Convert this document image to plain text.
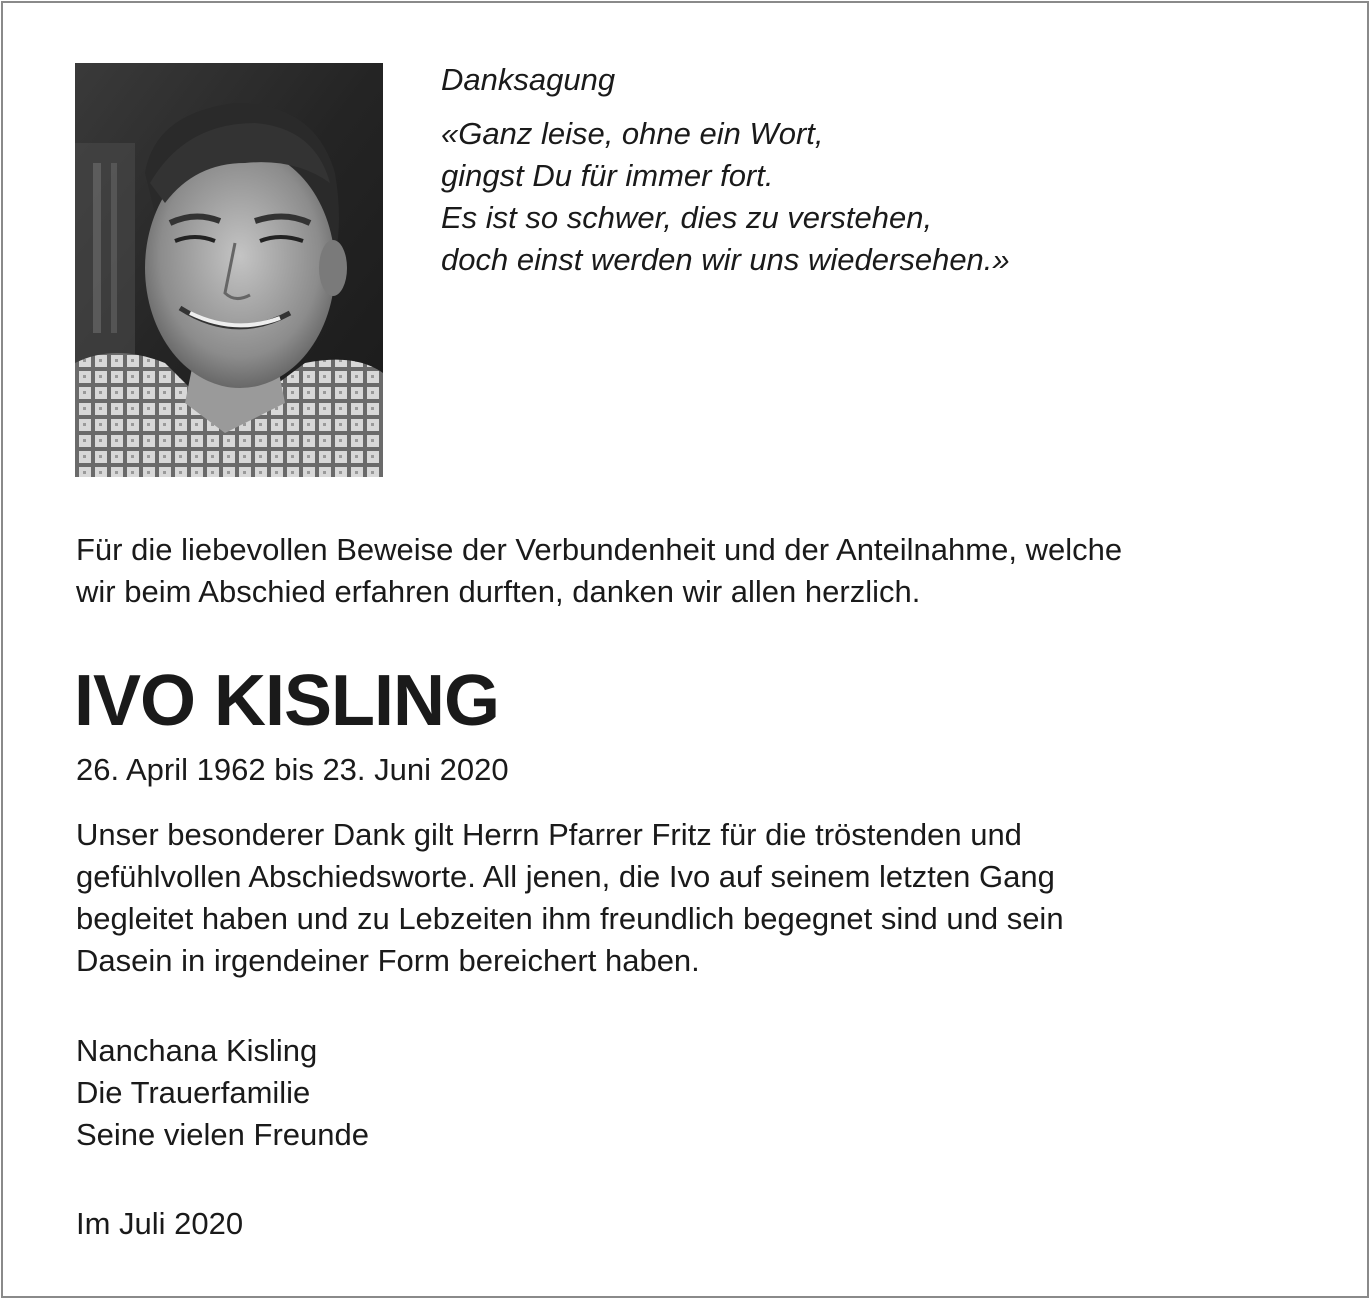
Danksagung
«Ganz leise, ohne ein Wort,
gingst Du für immer fort.
Es ist so schwer, dies zu verstehen,
doch einst werden wir uns wiedersehen.»
Für die liebevollen Beweise der Verbundenheit und der Anteilnahme, welche
wir beim Abschied erfahren durften, danken wir allen herzlich.
IVO KISLING
26. April 1962 bis 23. Juni 2020
Unser besonderer Dank gilt Herrn Pfarrer Fritz für die tröstenden und
gefühlvollen Abschiedsworte. All jenen, die Ivo auf seinem letzten Gang
begleitet haben und zu Lebzeiten ihm freundlich begegnet sind und sein
Dasein in irgendeiner Form bereichert haben.
Nanchana Kisling
Die Trauerfamilie
Seine vielen Freunde
Im Juli 2020
